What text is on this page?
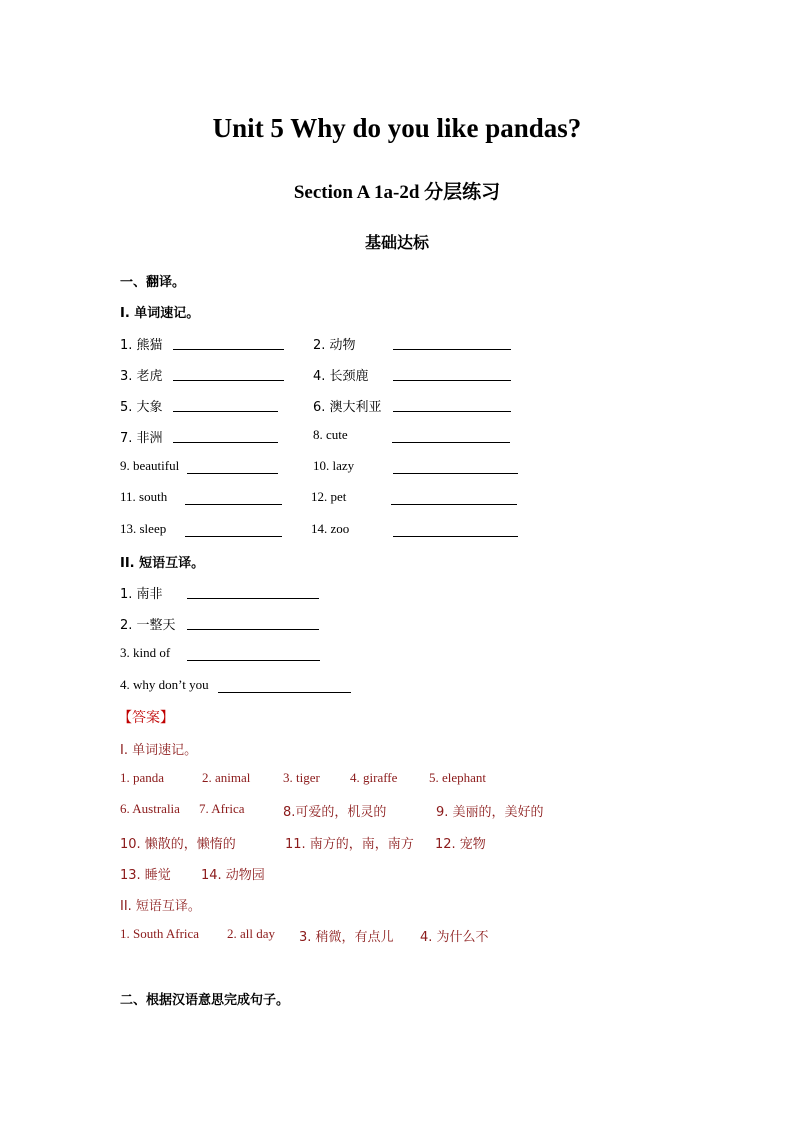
Unit 5 Why do you like pandas?
Section A 1a-2d 分层练习
基础达标
一、翻译。
I. 单词速记。
1. 熊猫	2. 动物
3. 老虎	4. 长颈鹿
5. 大象	6. 澳大利亚
7. 非洲	8. cute
9. beautiful	10. lazy
11. south	12. pet
13. sleep	14. zoo
II. 短语互译。
1. 南非
2. 一整天
3. kind of
4. why don’t you
【答案】
I. 单词速记。
1. panda	2. animal	3. tiger 4. giraffe 5. elephant
6. Australia 7. Africa	8.可爱的，机灵的	9. 美丽的，美好的
10. 懒散的，懒惰的	11. 南方的，南，南方 12. 宠物
13. 睡觉 14. 动物园
II. 短语互译。
1. South Africa 2. all day 3. 稍微，有点儿 4. 为什么不
二、根据汉语意思完成句子。
